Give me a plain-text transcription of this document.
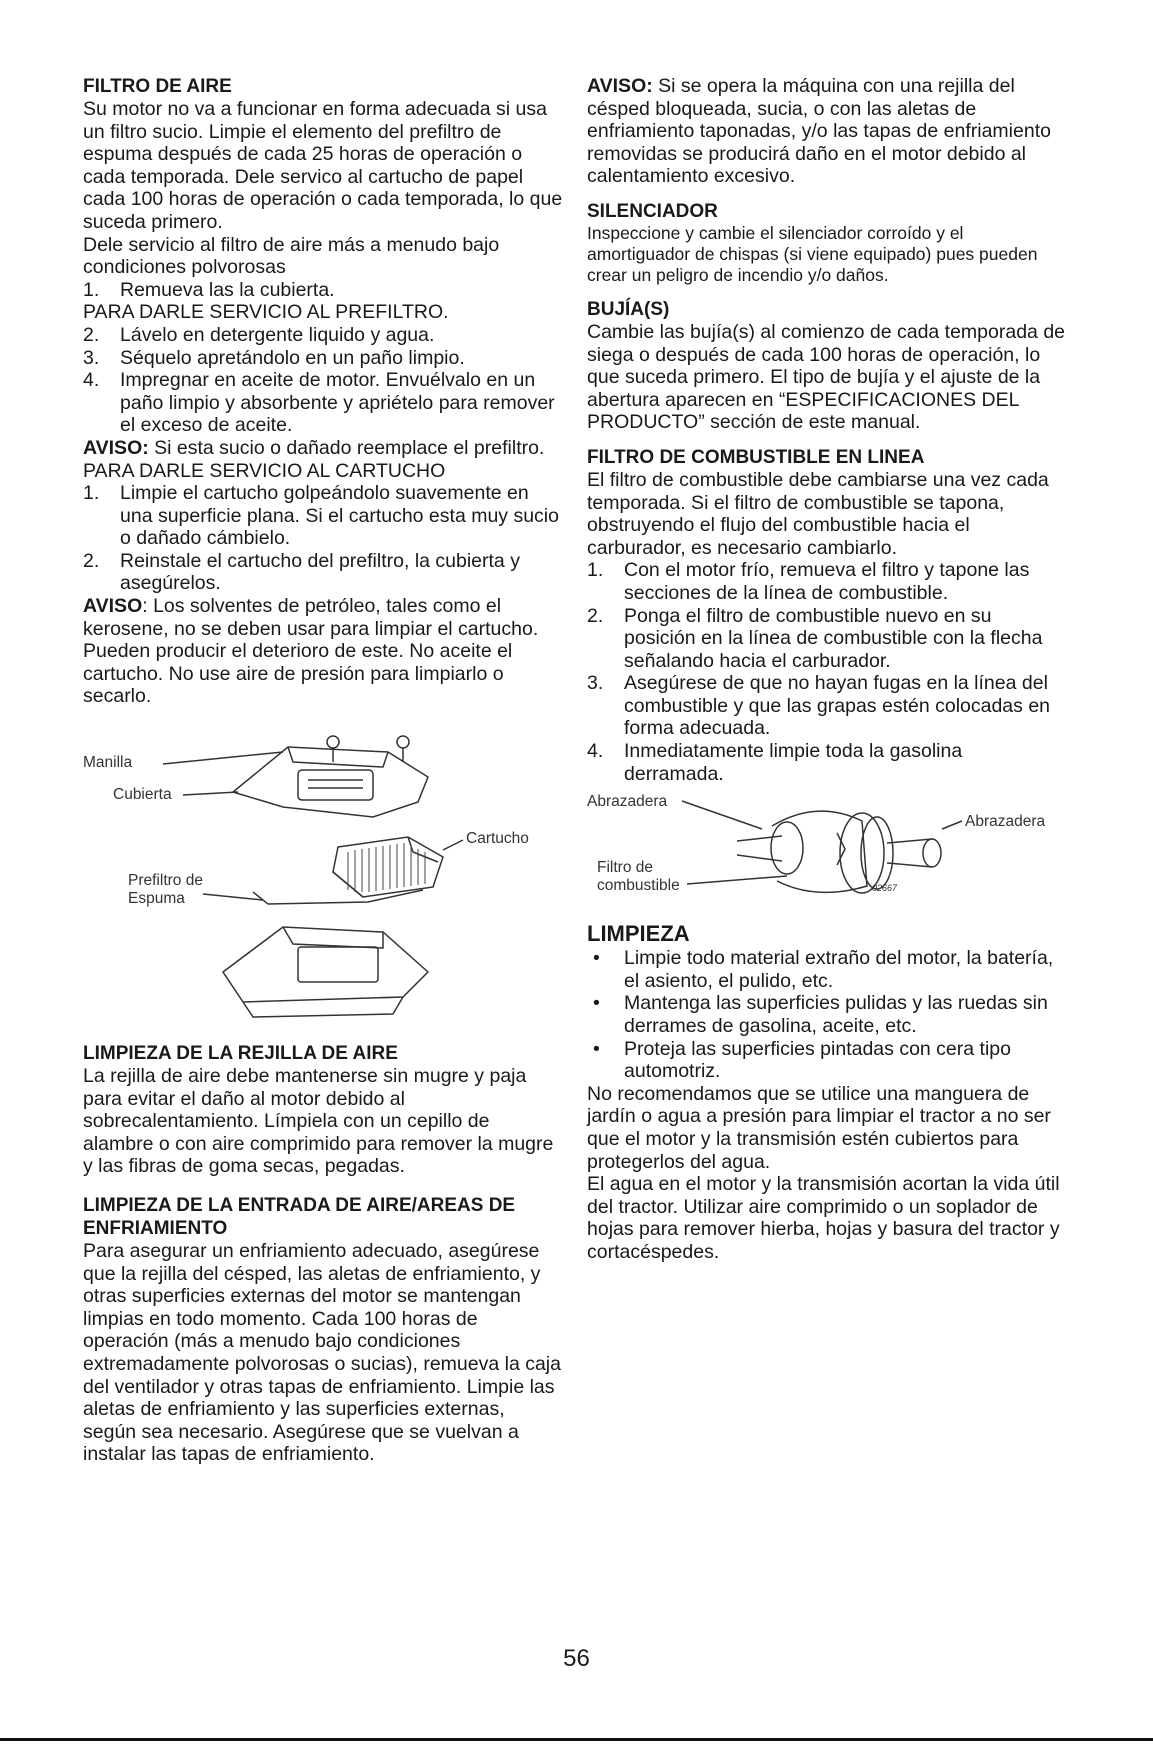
FILTRO DE AIRE

Su motor no va a funcionar en forma adecuada si usa un filtro sucio. Limpie el elemento del prefiltro de espuma después de cada 25 horas de operación o cada temporada. Dele servico al cartucho de papel cada 100 horas de operación o cada temporada, lo que suceda primero.

Dele servicio al filtro de aire más a menudo bajo condiciones polvorosas

1. Remueva las la cubierta.

PARA DARLE SERVICIO AL PREFILTRO.

2. Lávelo en detergente liquido y agua.
3. Séquelo apretándolo en un paño limpio.
4. Impregnar en aceite de motor. Envuélvalo en un paño limpio y absorbente y apriételo para remover el exceso de aceite.

AVISO: Si esta sucio o dañado reemplace el prefiltro.

PARA DARLE SERVICIO AL CARTUCHO

1. Limpie el cartucho golpeándolo suavemente en una superficie plana. Si el cartucho esta muy sucio o dañado cámbielo.
2. Reinstale el cartucho del prefiltro, la cubierta y asegúrelos.

AVISO: Los solventes de petróleo, tales como el kerosene, no se deben usar para limpiar el cartucho. Pueden producir el deterioro de este. No aceite el cartucho. No use aire de presión para limpiarlo o secarlo.

Manilla
Cubierta
Cartucho
Prefiltro de
Espuma
LIMPIEZA DE LA REJILLA DE AIRE

La rejilla de aire debe mantenerse sin mugre y paja para evitar el daño al motor debido al sobrecalentamiento. Límpiela con un cepillo de alambre o con aire comprimido para remover la mugre y las fibras de goma secas, pegadas.

LIMPIEZA DE LA ENTRADA DE AIRE/AREAS DE ENFRIAMIENTO

Para asegurar un enfriamiento adecuado, asegúrese que la rejilla del césped, las aletas de enfriamiento, y otras superficies externas del motor se mantengan limpias en todo momento. Cada 100 horas de operación (más a menudo bajo condiciones extremadamente polvorosas o sucias), remueva la caja del ventilador y otras tapas de enfriamiento. Limpie las aletas de enfriamiento y las superficies externas, según sea necesario. Asegúrese que se vuelvan a instalar las tapas de enfriamiento.

AVISO: Si se opera la máquina con una rejilla del césped bloqueada, sucia, o con las aletas de enfriamiento taponadas, y/o las tapas de enfriamiento removidas se producirá daño en el motor debido al calentamiento excesivo.

SILENCIADOR

Inspeccione y cambie el silenciador corroído y el amortiguador de chispas (si viene equipado) pues pueden crear un peligro de incendio y/o daños.

BUJÍA(S)

Cambie las bujía(s) al comienzo de cada temporada de siega o después de cada 100 horas de operación, lo que suceda primero. El tipo de bujía y el ajuste de la abertura aparecen en “ESPECIFICACIONES DEL PRODUCTO” sección de este manual.

FILTRO DE COMBUSTIBLE EN LINEA

El filtro de combustible debe cambiarse una vez cada temporada. Si el filtro de combustible se tapona, obstruyendo el flujo del combustible hacia el carburador, es necesario cambiarlo.

1. Con el motor frío, remueva el filtro y tapone las secciones de la línea de combustible.
2. Ponga el filtro de combustible nuevo en su posición en la línea de combustible con la flecha señalando hacia el carburador.
3. Asegúrese de que no hayan fugas en la línea del combustible y que las grapas estén colocadas en forma adecuada.
4. Inmediatamente limpie toda la gasolina derramada.
Abrazadera
Abrazadera
Filtro de
combustible	02667
LIMPIEZA
• Limpie todo material extraño del motor, la batería, el asiento, el pulido, etc.
• Mantenga las superficies pulidas y las ruedas sin derrames de gasolina, aceite, etc.
• Proteja las superficies pintadas con cera tipo automotriz.

No recomendamos que se utilice una manguera de jardín o agua a presión para limpiar el tractor a no ser que el motor y la transmisión estén cubiertos para protegerlos del agua.

El agua en el motor y la transmisión acortan la vida útil del tractor. Utilizar aire comprimido o un soplador de hojas para remover hierba, hojas y basura del tractor y cortacéspedes.

56
